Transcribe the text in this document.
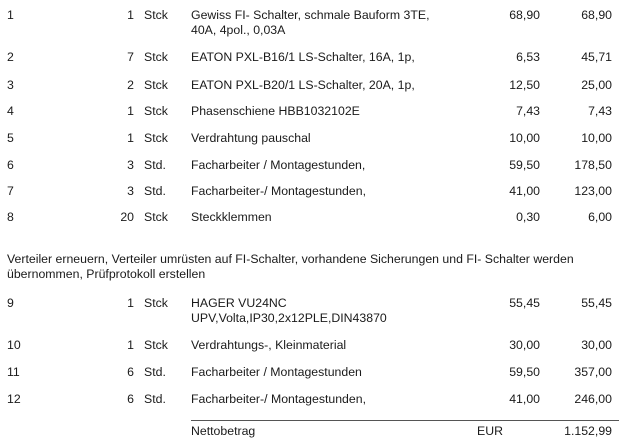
1	1 Stck Gewiss FI- Schalter, schmale Bauform 3TE,
40A, 4pol., 0,03A
68,90	68,90
2	7 Stck EATON PXL-B16/1 LS-Schalter, 16A, 1p,	6,53	45,71
3	2 Stck EATON PXL-B20/1 LS-Schalter, 20A, 1p,	12,50	25,00
4	1 Stck Phasenschiene HBB1032102E	7,43	7,43
5	1 Stck Verdrahtung pauschal	10,00	10,00
6	3 Std. Facharbeiter / Montagestunden,	59,50	178,50
7	3 Std. Facharbeiter-/ Montagestunden,	41,00	123,00
8	20 Stck Steckklemmen	0,30	6,00
Verteiler erneuern, Verteiler umrüsten auf FI-Schalter, vorhandene Sicherungen und FI- Schalter werden
übernommen, Prüfprotokoll erstellen
9	1 Stck HAGER VU24NC
UPV,Volta,IP30,2x12PLE,DIN43870
55,45	55,45
10	1 Stck Verdrahtungs-, Kleinmaterial	30,00	30,00
11	6 Std. Facharbeiter / Montagestunden	59,50	357,00
12	6 Std. Facharbeiter-/ Montagestunden,	41,00	246,00
Nettobetrag	EUR	1.152,99
